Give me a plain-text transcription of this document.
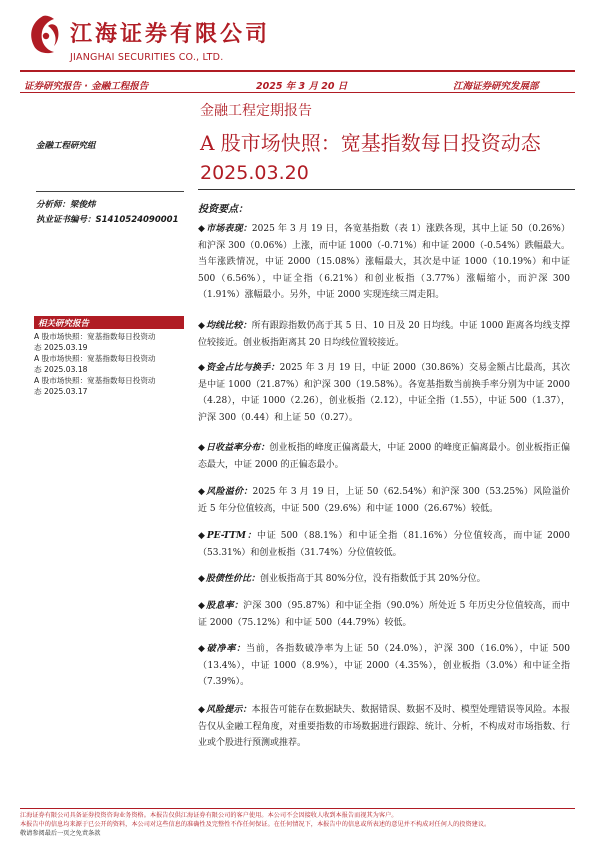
江海证券有限公司
JIANGHAI SECURITIES CO., LTD.
证券研究报告 · 金融工程报告	2025 年 3 月 20 日	江海证券研究发展部
金融工程定期报告
A 股市场快照：宽基指数每日投资动态
2025.03.20
金融工程研究组
分析师：梁俊炜
执业证书编号：S1410524090001
相关研究报告
A 股市场快照：宽基指数每日投资动
态 2025.03.19
A 股市场快照：宽基指数每日投资动
态 2025.03.18
A 股市场快照：宽基指数每日投资动
态 2025.03.17
投资要点：
◆市场表现：2025 年 3 月 19 日，各宽基指数（表 1）涨跌各现，其中上证 50（0.26%）和沪深 300（0.06%）上涨，而中证 1000（-0.71%）和中证 2000（-0.54%）跌幅最大。当年涨跌情况，中证 2000（15.08%）涨幅最大，其次是中证 1000（10.19%）和中证 500（6.56%），中证全指（6.21%）和创业板指（3.77%）涨幅缩小，而沪深 300（1.91%）涨幅最小。另外，中证 2000 实现连续三周走阳。
◆均线比较：所有跟踪指数仍高于其 5 日、10 日及 20 日均线。中证 1000 距离各均线支撑位较接近。创业板指距离其 20 日均线位置较接近。
◆资金占比与换手：2025 年 3 月 19 日，中证 2000（30.86%）交易金额占比最高，其次是中证 1000（21.87%）和沪深 300（19.58%）。各宽基指数当前换手率分别为中证 2000（4.28），中证 1000（2.26），创业板指（2.12），中证全指（1.55），中证 500（1.37），沪深 300（0.44）和上证 50（0.27）。
◆日收益率分布：创业板指的峰度正偏离最大，中证 2000 的峰度正偏离最小。创业板指正偏态最大，中证 2000 的正偏态最小。
◆风险溢价：2025 年 3 月 19 日，上证 50（62.54%）和沪深 300（53.25%）风险溢价近 5 年分位值较高，中证 500（29.6%）和中证 1000（26.67%）较低。
◆PE-TTM：中证 500（88.1%）和中证全指（81.16%）分位值较高，而中证 2000（53.31%）和创业板指（31.74%）分位值较低。
◆股债性价比：创业板指高于其 80%分位，没有指数低于其 20%分位。
◆股息率：沪深 300（95.87%）和中证全指（90.0%）所处近 5 年历史分位值较高，而中证 2000（75.12%）和中证 500（44.79%）较低。
◆破净率：当前，各指数破净率为上证 50（24.0%），沪深 300（16.0%），中证 500（13.4%），中证 1000（8.9%），中证 2000（4.35%），创业板指（3.0%）和中证全指（7.39%）。
◆风险提示：本报告可能存在数据缺失、数据错误、数据不及时、模型处理错误等风险。本报告仅从金融工程角度，对重要指数的市场数据进行跟踪、统计、分析，不构成对市场指数、行业或个股进行预测或推荐。
江海证券有限公司具备证券投资咨询业务资格。本报告仅供江海证券有限公司的客户使用。本公司不会因接收人收到本报告而视其为客户。
本报告中的信息均来源于已公开的资料，本公司对这些信息的准确性及完整性不作任何保证。在任何情况下，本报告中的信息或所表述的意见并不构成对任何人的投资建议。
敬请参阅最后一页之免责条款
